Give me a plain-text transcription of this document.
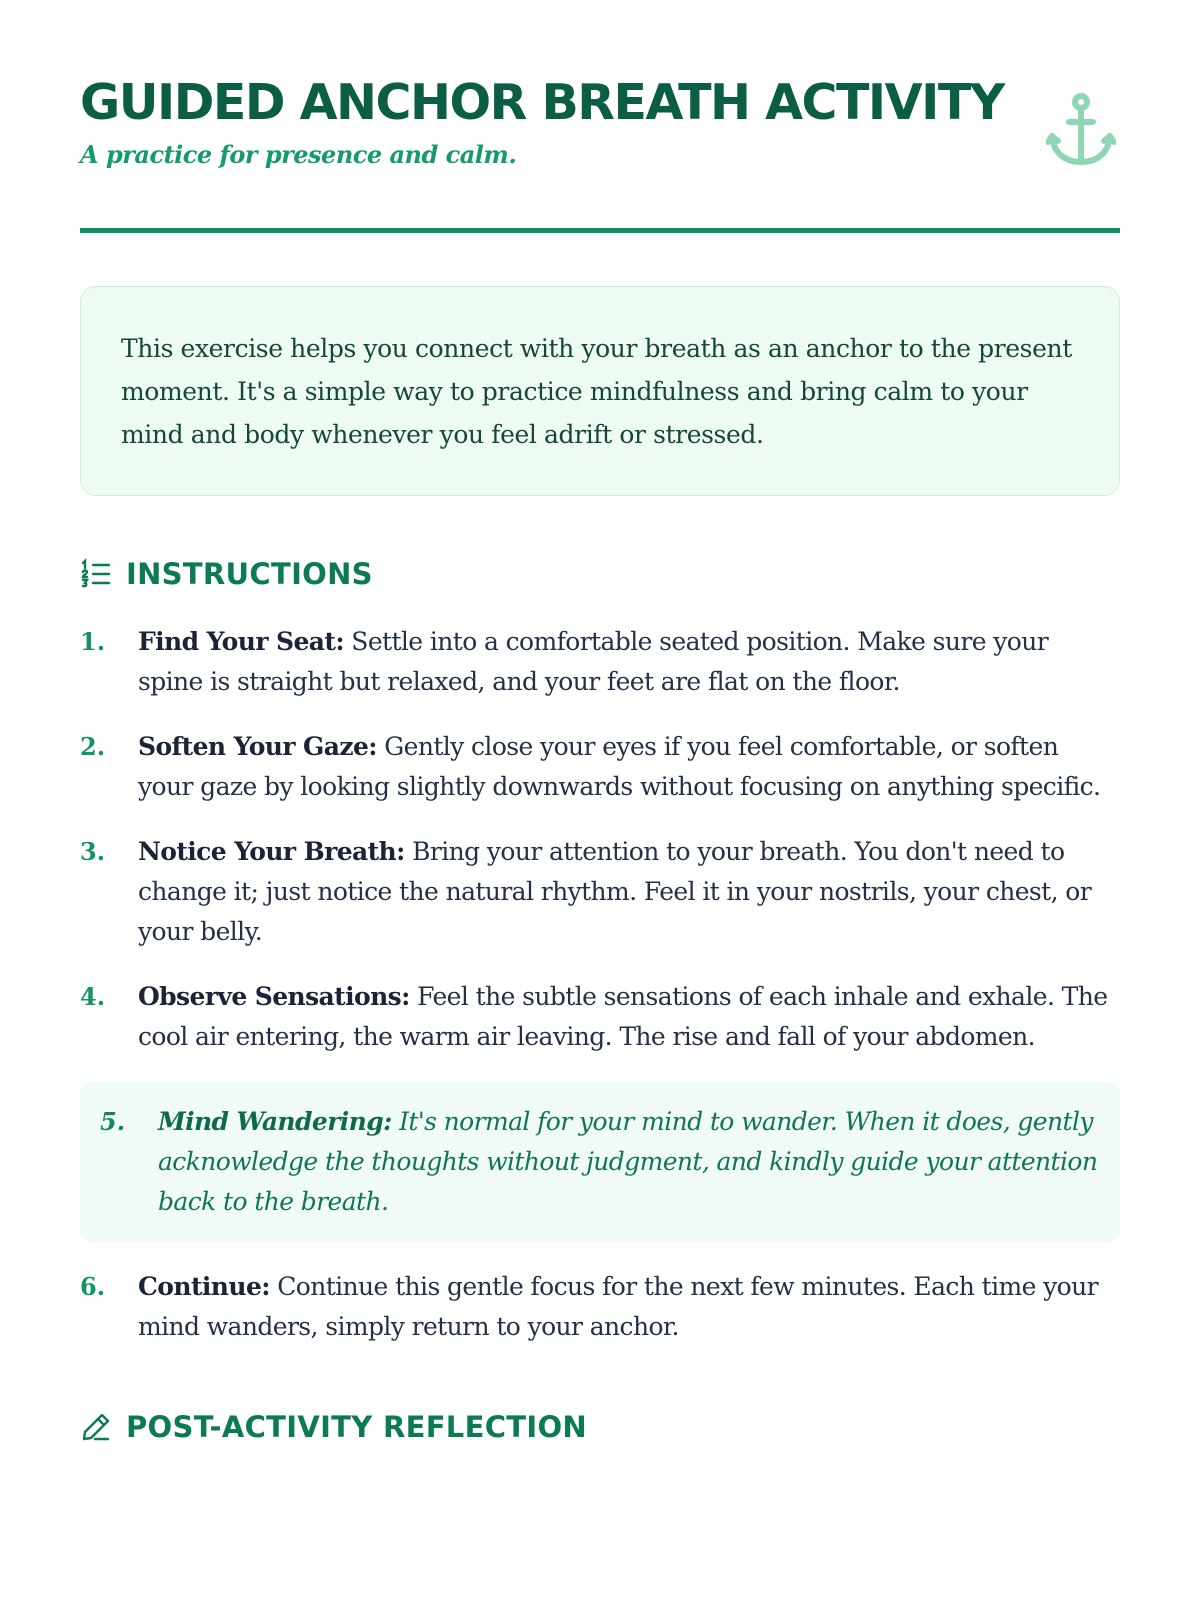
GUIDED ANCHOR BREATH ACTIVITY
A practice for presence and calm.

This exercise helps you connect with your breath as an anchor to the present moment. It's a simple way to practice mindfulness and bring calm to your mind and body whenever you feel adrift or stressed.

INSTRUCTIONS
1.	Find Your Seat: Settle into a comfortable seated position. Make sure your spine is straight but relaxed, and your feet are flat on the floor.
2.	Soften Your Gaze: Gently close your eyes if you feel comfortable, or soften your gaze by looking slightly downwards without focusing on anything specific.
3.	Notice Your Breath: Bring your attention to your breath. You don't need to change it; just notice the natural rhythm. Feel it in your nostrils, your chest, or your belly.
4.	Observe Sensations: Feel the subtle sensations of each inhale and exhale. The cool air entering, the warm air leaving. The rise and fall of your abdomen.
5.	Mind Wandering: It's normal for your mind to wander. When it does, gently acknowledge the thoughts without judgment, and kindly guide your attention back to the breath.
6.	Continue: Continue this gentle focus for the next few minutes. Each time your mind wanders, simply return to your anchor.
POST-ACTIVITY REFLECTION
